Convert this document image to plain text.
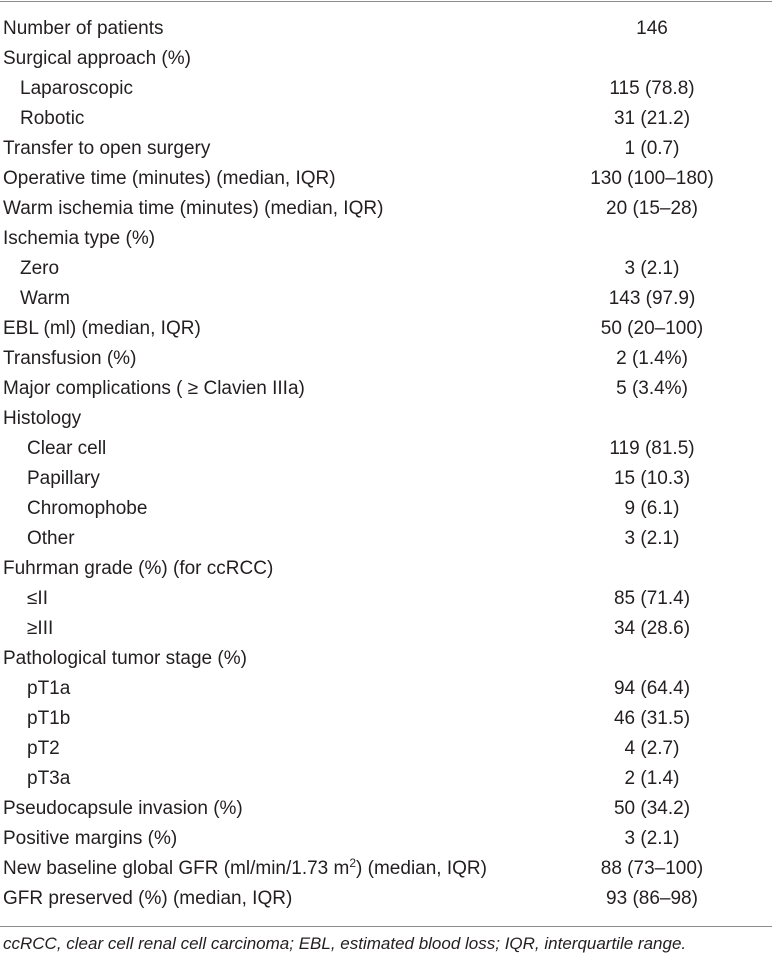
Number of patients	146
Surgical approach (%)	
Laparoscopic	115 (78.8)
Robotic	31 (21.2)
Transfer to open surgery	1 (0.7)
Operative time (minutes) (median, IQR)	130 (100–180)
Warm ischemia time (minutes) (median, IQR)	20 (15–28)
Ischemia type (%)	
Zero	3 (2.1)
Warm	143 (97.9)
EBL (ml) (median, IQR)	50 (20–100)
Transfusion (%)	2 (1.4%)
Major complications ( ≥ Clavien IIIa)	5 (3.4%)
Histology	
Clear cell	119 (81.5)
Papillary	15 (10.3)
Chromophobe	9 (6.1)
Other	3 (2.1)
Fuhrman grade (%) (for ccRCC)	
≤II	85 (71.4)
≥III	34 (28.6)
Pathological tumor stage (%)	
pT1a	94 (64.4)
pT1b	46 (31.5)
pT2	4 (2.7)
pT3a	2 (1.4)
Pseudocapsule invasion (%)	50 (34.2)
Positive margins (%)	3 (2.1)
New baseline global GFR (ml/min/1.73 $m^2$) (median, IQR)	88 (73–100)
GFR preserved (%) (median, IQR)	93 (86–98)
ccRCC, clear cell renal cell carcinoma; EBL, estimated blood loss; IQR, interquartile range.
